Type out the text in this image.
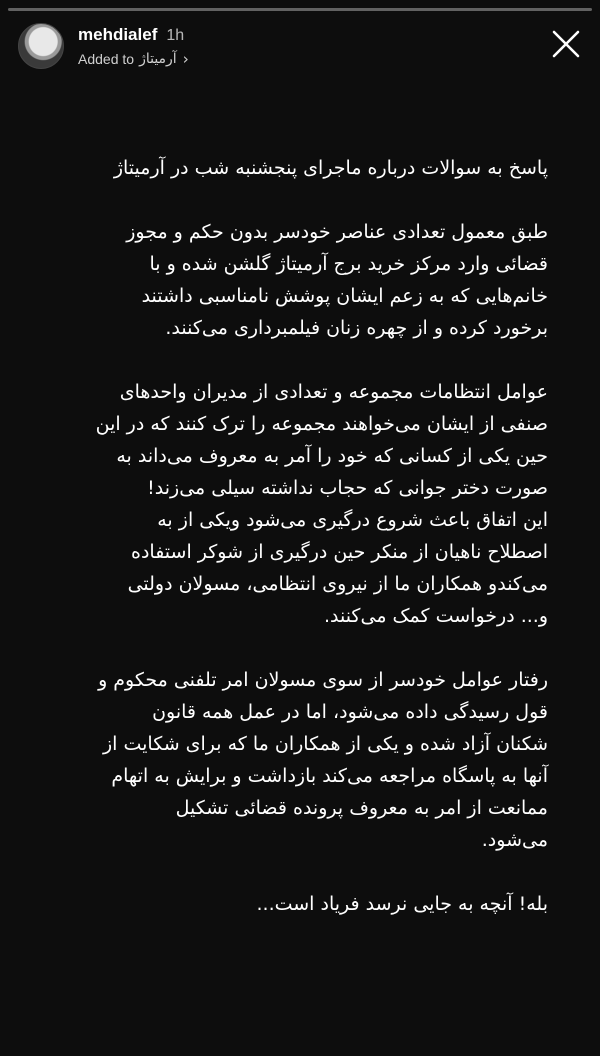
mehdialef 1h
Added to آرمیتاژ ›

پاسخ به سوالات درباره ماجرای پنجشنبه شب در آرمیتاژ

طبق معمول تعدادی عناصر خودسر بدون حکم و مجوز
قضائی وارد مرکز خرید برج آرمیتاژ گلشن شده و با
خانم‌هایی که به زعم ایشان پوشش نامناسبی داشتند
برخورد کرده و از چهره زنان فیلمبرداری می‌کنند.

عوامل انتظامات مجموعه و تعدادی از مدیران واحدهای
صنفی از ایشان می‌خواهند مجموعه را ترک کنند که در این
حین یکی از کسانی که خود را آمر به معروف می‌داند به
صورت دختر جوانی که حجاب نداشته سیلی می‌زند!
این اتفاق باعث شروع درگیری می‌شود ویکی از به
اصطلاح ناهیان از منکر حین درگیری از شوکر استفاده
می‌کندو همکاران ما از نیروی انتظامی، مسولان دولتی
و... درخواست کمک می‌کنند.

رفتار عوامل خودسر از سوی مسولان امر تلفنی محکوم و
قول رسیدگی داده می‌شود، اما در عمل همه قانون
شکنان آزاد شده و یکی از همکاران ما که برای شکایت از
آنها به پاسگاه مراجعه می‌کند بازداشت و برایش به اتهام
ممانعت از امر به معروف پرونده قضائی تشکیل
می‌شود.

بله! آنچه به جایی نرسد فریاد است...
